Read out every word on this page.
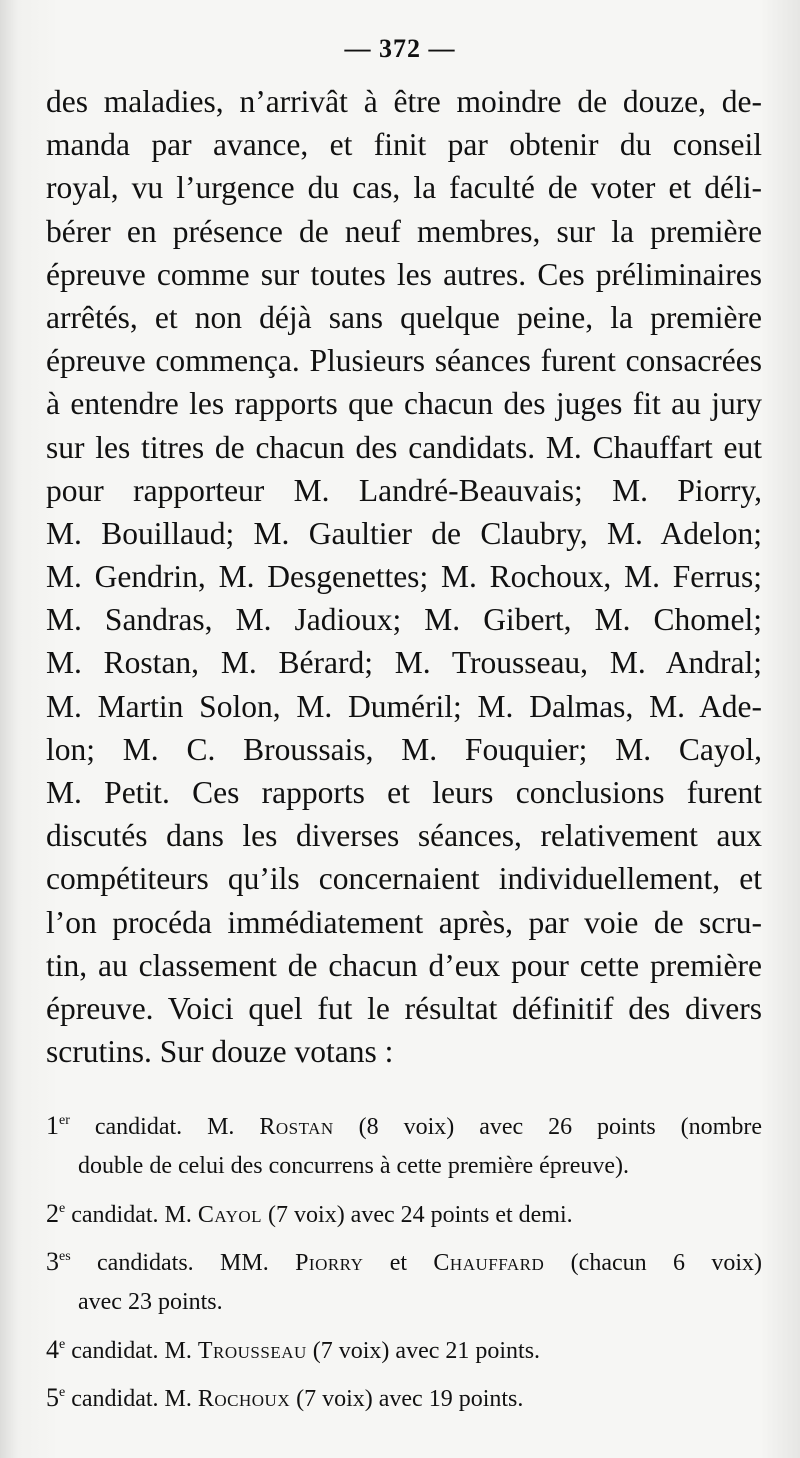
— 372 —
des maladies, n’arrivât à être moindre de douze, de-
manda par avance, et finit par obtenir du conseil
royal, vu l’urgence du cas, la faculté de voter et déli-
bérer en présence de neuf membres, sur la première
épreuve comme sur toutes les autres. Ces préliminaires
arrêtés, et non déjà sans quelque peine, la première
épreuve commença. Plusieurs séances furent consacrées
à entendre les rapports que chacun des juges fit au jury
sur les titres de chacun des candidats. M. Chauffart eut
pour rapporteur M. Landré-Beauvais; M. Piorry,
M. Bouillaud; M. Gaultier de Claubry, M. Adelon;
M. Gendrin, M. Desgenettes; M. Rochoux, M. Ferrus;
M. Sandras, M. Jadioux; M. Gibert, M. Chomel;
M. Rostan, M. Bérard; M. Trousseau, M. Andral;
M. Martin Solon, M. Duméril; M. Dalmas, M. Ade-
lon; M. C. Broussais, M. Fouquier; M. Cayol,
M. Petit. Ces rapports et leurs conclusions furent
discutés dans les diverses séances, relativement aux
compétiteurs qu’ils concernaient individuellement, et
l’on procéda immédiatement après, par voie de scru-
tin, au classement de chacun d’eux pour cette première
épreuve. Voici quel fut le résultat définitif des divers
scrutins. Sur douze votans :
1er candidat. M. Rostan (8 voix) avec 26 points (nombre
double de celui des concurrens à cette première épreuve).
2e candidat. M. Cayol (7 voix) avec 24 points et demi.
$3^{es}$ candidats. MM. Piorry et Chauffard (chacun 6 voix)
avec 23 points.
4e candidat. M. Trousseau (7 voix) avec 21 points.
5e candidat. M. Rochoux (7 voix) avec 19 points.
